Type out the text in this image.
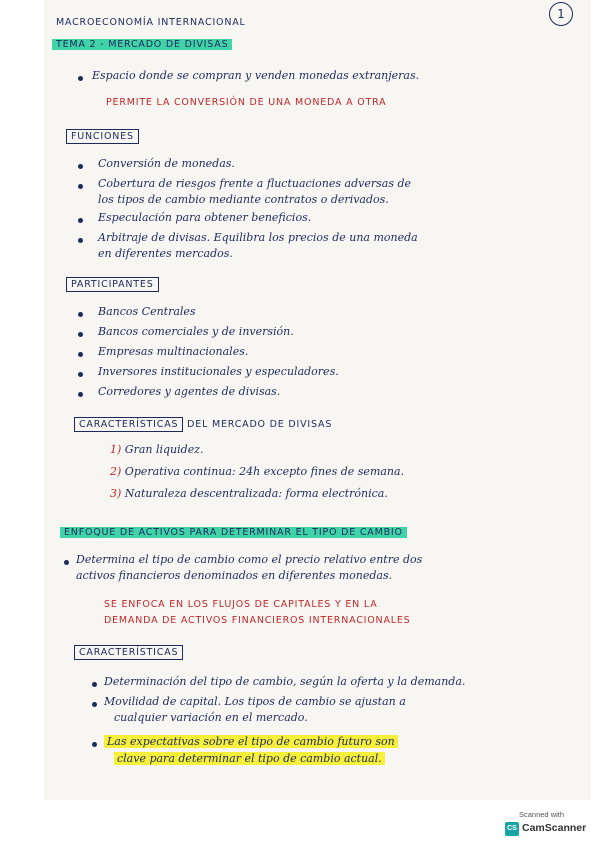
1
MACROECONOMÍA INTERNACIONAL
TEMA 2 - MERCADO DE DIVISAS
Espacio donde se compran y venden monedas extranjeras.
PERMITE LA CONVERSIÓN DE UNA MONEDA A OTRA
FUNCIONES
Conversión de monedas.
Cobertura de riesgos frente a fluctuaciones adversas de
los tipos de cambio mediante contratos o derivados.
Especulación para obtener beneficios.
Arbitraje de divisas. Equilibra los precios de una moneda
en diferentes mercados.
PARTICIPANTES
Bancos Centrales
Bancos comerciales y de inversión.
Empresas multinacionales.
Inversores institucionales y especuladores.
Corredores y agentes de divisas.
CARACTERÍSTICAS DEL MERCADO DE DIVISAS
1) Gran liquidez.
2) Operativa continua: 24h excepto fines de semana.
3) Naturaleza descentralizada: forma electrónica.
ENFOQUE DE ACTIVOS PARA DETERMINAR EL TIPO DE CAMBIO
Determina el tipo de cambio como el precio relativo entre dos
activos financieros denominados en diferentes monedas.
SE ENFOCA EN LOS FLUJOS DE CAPITALES Y EN LA
DEMANDA DE ACTIVOS FINANCIEROS INTERNACIONALES
CARACTERÍSTICAS
Determinación del tipo de cambio, según la oferta y la demanda.
Movilidad de capital. Los tipos de cambio se ajustan a
cualquier variación en el mercado.
Las expectativas sobre el tipo de cambio futuro son
clave para determinar el tipo de cambio actual.
Scanned with
CS CamScanner
